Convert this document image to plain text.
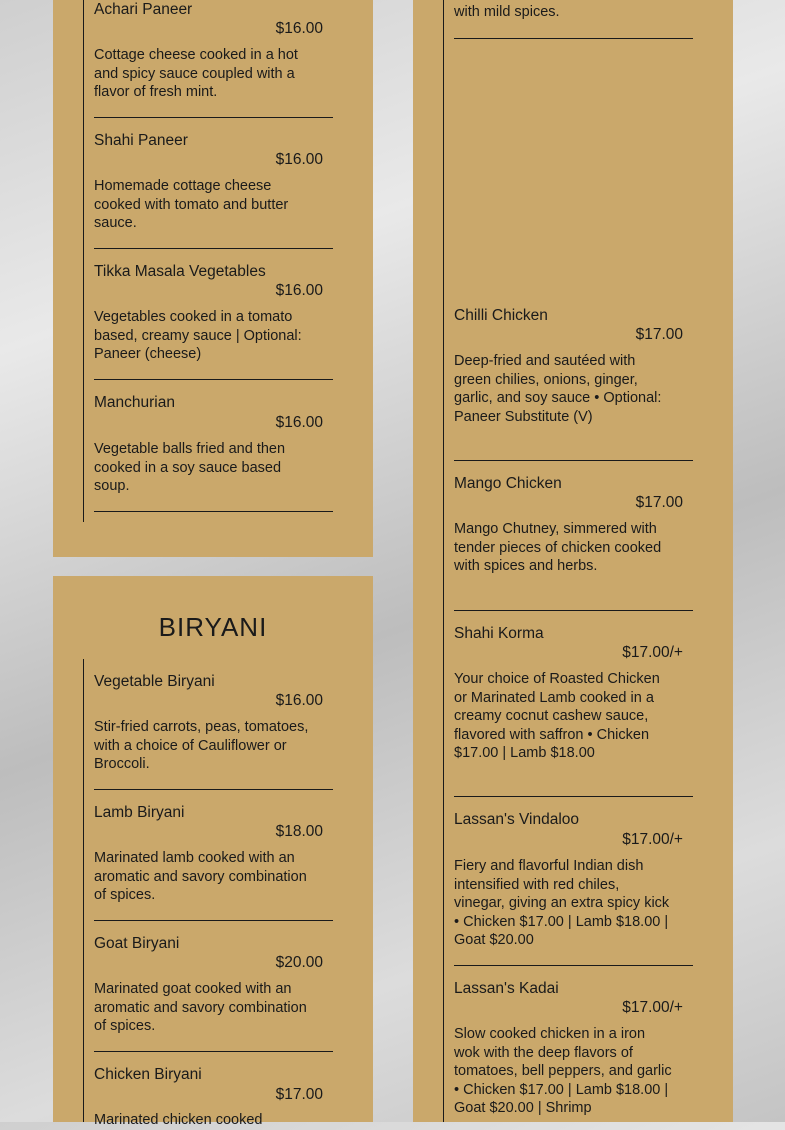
Achari Paneer
$16.00
Cottage cheese cooked in a hot and spicy sauce coupled with a flavor of fresh mint.
Shahi Paneer
$16.00
Homemade cottage cheese cooked with tomato and butter sauce.
Tikka Masala Vegetables
$16.00
Vegetables cooked in a tomato based, creamy sauce | Optional: Paneer (cheese)
Manchurian
$16.00
Vegetable balls fried and then cooked in a soy sauce based soup.
BIRYANI
Vegetable Biryani
$16.00
Stir-fried carrots, peas, tomatoes, with a choice of Cauliflower or Broccoli.
Lamb Biryani
$18.00
Marinated lamb cooked with an aromatic and savory combination of spices.
Goat Biryani
$20.00
Marinated goat cooked with an aromatic and savory combination of spices.
Chicken Biryani
$17.00
Marinated chicken cooked
with mild spices.
Chilli Chicken
$17.00
Deep-fried and sautéed with green chilies, onions, ginger, garlic, and soy sauce • Optional: Paneer Substitute (V)
Mango Chicken
$17.00
Mango Chutney, simmered with tender pieces of chicken cooked with spices and herbs.
Shahi Korma
$17.00/+
Your choice of Roasted Chicken or Marinated Lamb cooked in a creamy cocnut cashew sauce, flavored with saffron • Chicken $17.00 | Lamb $18.00
Lassan's Vindaloo
$17.00/+
Fiery and flavorful Indian dish intensified with red chiles, vinegar, giving an extra spicy kick • Chicken $17.00 | Lamb $18.00 | Goat $20.00
Lassan's Kadai
$17.00/+
Slow cooked chicken in a iron wok with the deep flavors of tomatoes, bell peppers, and garlic • Chicken $17.00 | Lamb $18.00 | Goat $20.00 | Shrimp
